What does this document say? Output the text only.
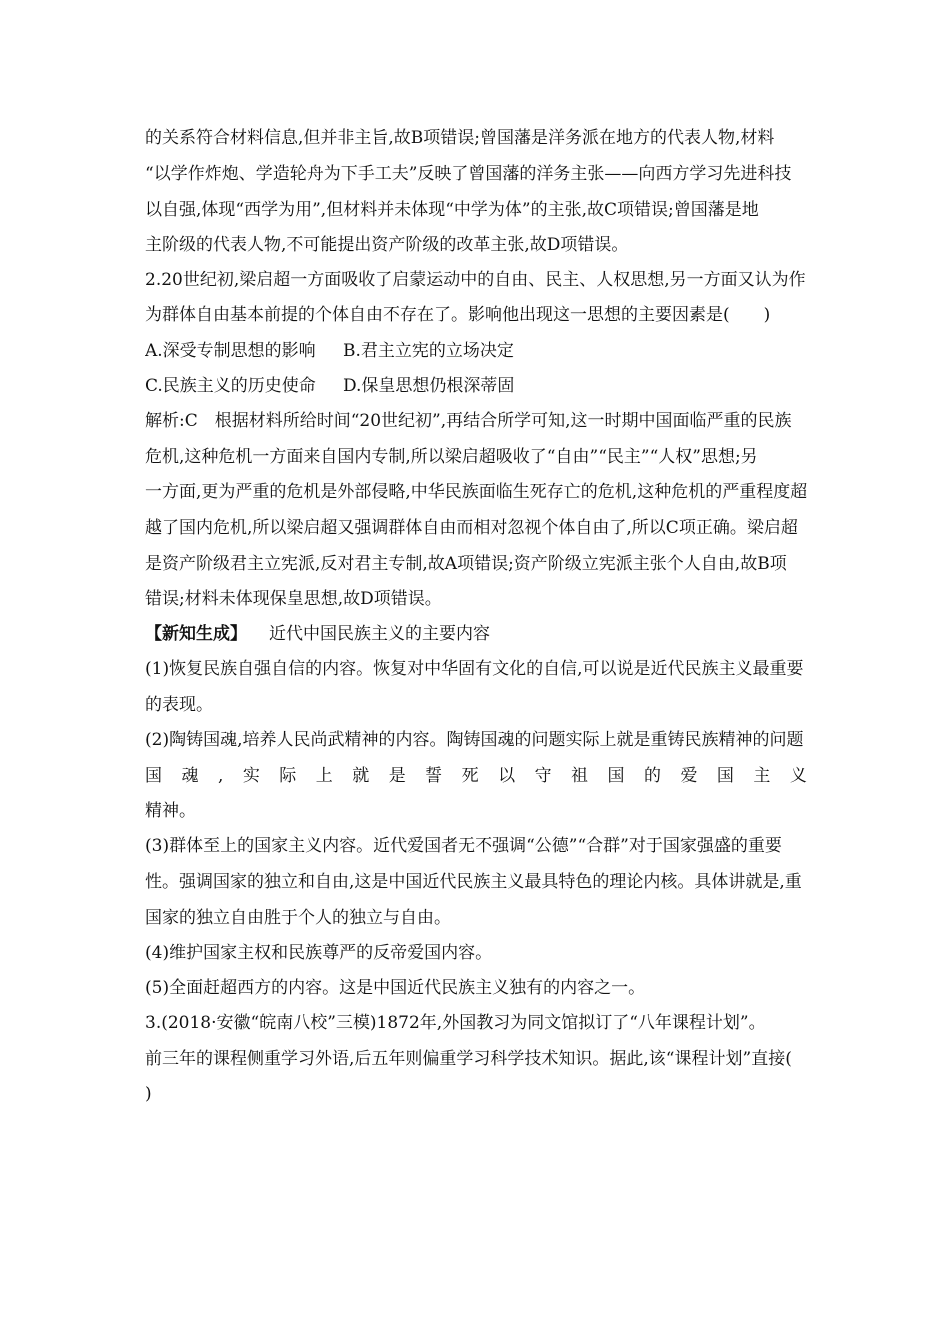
的关系符合材料信息,但并非主旨,故B项错误;曾国藩是洋务派在地方的代表人物,材料
“以学作炸炮、学造轮舟为下手工夫”反映了曾国藩的洋务主张——向西方学习先进科技
以自强,体现“西学为用”,但材料并未体现“中学为体”的主张,故C项错误;曾国藩是地
主阶级的代表人物,不可能提出资产阶级的改革主张,故D项错误。
2.20世纪初,梁启超一方面吸收了启蒙运动中的自由、民主、人权思想,另一方面又认为作
为群体自由基本前提的个体自由不存在了。影响他出现这一思想的主要因素是(　　)
A.深受专制思想的影响	B.君主立宪的立场决定
C.民族主义的历史使命	D.保皇思想仍根深蒂固
解析:C　根据材料所给时间“20世纪初”,再结合所学可知,这一时期中国面临严重的民族
危机,这种危机一方面来自国内专制,所以梁启超吸收了“自由”“民主”“人权”思想;另
一方面,更为严重的危机是外部侵略,中华民族面临生死存亡的危机,这种危机的严重程度超
越了国内危机,所以梁启超又强调群体自由而相对忽视个体自由了,所以C项正确。梁启超
是资产阶级君主立宪派,反对君主专制,故A项错误;资产阶级立宪派主张个人自由,故B项
错误;材料未体现保皇思想,故D项错误。
【新知生成】 近代中国民族主义的主要内容
(1)恢复民族自强自信的内容。恢复对中华固有文化的自信,可以说是近代民族主义最重要
的表现。
(2)陶铸国魂,培养人民尚武精神的内容。陶铸国魂的问题实际上就是重铸民族精神的问题
国 魂 , 实 际 上 就 是 誓 死 以 守 祖 国 的 爱 国 主 义
精神。
(3)群体至上的国家主义内容。近代爱国者无不强调“公德”“合群”对于国家强盛的重要
性。强调国家的独立和自由,这是中国近代民族主义最具特色的理论内核。具体讲就是,重
国家的独立自由胜于个人的独立与自由。
(4)维护国家主权和民族尊严的反帝爱国内容。
(5)全面赶超西方的内容。这是中国近代民族主义独有的内容之一。
3.(2018·安徽“皖南八校”三模)1872年,外国教习为同文馆拟订了“八年课程计划”。
前三年的课程侧重学习外语,后五年则偏重学习科学技术知识。据此,该“课程计划”直接(
)
